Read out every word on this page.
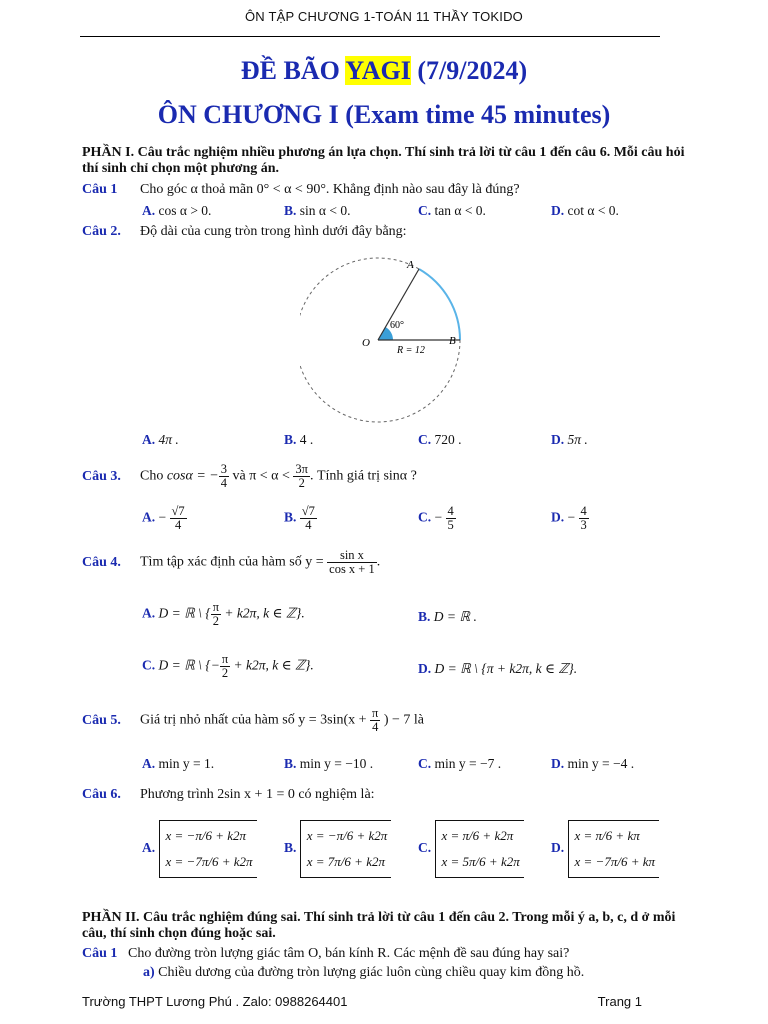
ÔN TẬP CHƯƠNG 1-TOÁN 11 THẦY TOKIDO
ĐỀ BÃO YAGI (7/9/2024)
ÔN CHƯƠNG I (Exam time 45 minutes)
PHẦN I. Câu trắc nghiệm nhiều phương án lựa chọn. Thí sinh trả lời từ câu 1 đến câu 6. Mỗi câu hỏi thí sinh chỉ chọn một phương án.
Câu 1 Cho góc α thoả mãn 0° < α < 90°. Khẳng định nào sau đây là đúng?
A. cos α > 0.	B. sin α < 0.	C. tan α < 0.	D. cot α < 0.
Câu 2. Độ dài của cung tròn trong hình dưới đây bằng:
A
B
O
60°
R = 12
A. 4π .	B. 4 .	C. 720 .	D. 5π .
Câu 3. Cho cosα = − $\frac{3}{4}$ và $\pi < \alpha < \frac{3\pi}{2}$ . Tính giá trị sinα ?
A. − $\frac{√7}{4}$	B. $\frac{√7}{4}$	C. − $\frac{4}{5}$	D. − $\frac{4}{3}$
Câu 4. Tìm tập xác định của hàm số $y = \frac{\text{sin x}}{\text{cos x + 1}}$ .
A. D = ℝ \ { $\frac{\pi}{2} + k2\pi$, k ∈ ℤ}.	B. D = ℝ .
C. D = ℝ \ {− $\frac{\pi}{2} + k2\pi$, k ∈ ℤ}.	D. D = ℝ \ {π + k2π, k ∈ ℤ}.
Câu 5. Giá trị nhỏ nhất của hàm số $y = 3\sin(x + \frac{\pi}{4}$ ) − 7 là
A. min y = 1.	B. min y = −10 .	C. min y = −7 .	D. min y = −4 .
Câu 6. Phương trình 2sin x + 1 = 0 có nghiệm là:
A. x = −π/6 + k2π
x = −7π/6 + k2π
B. x = −π/6 + k2π
x = 7π/6 + k2π
C. x = π/6 + k2π
x = 5π/6 + k2π
D. x = π/6 + kπ
x = −7π/6 + kπ
PHẦN II. Câu trắc nghiệm đúng sai. Thí sinh trả lời từ câu 1 đến câu 2. Trong mỗi ý a, b, c, d ở mỗi câu, thí sinh chọn đúng hoặc sai.
Câu 1 Cho đường tròn lượng giác tâm O, bán kính R. Các mệnh đề sau đúng hay sai?
a) Chiều dương của đường tròn lượng giác luôn cùng chiều quay kim đồng hồ.
Trường THPT Lương Phú . Zalo: 0988264401	Trang 1
